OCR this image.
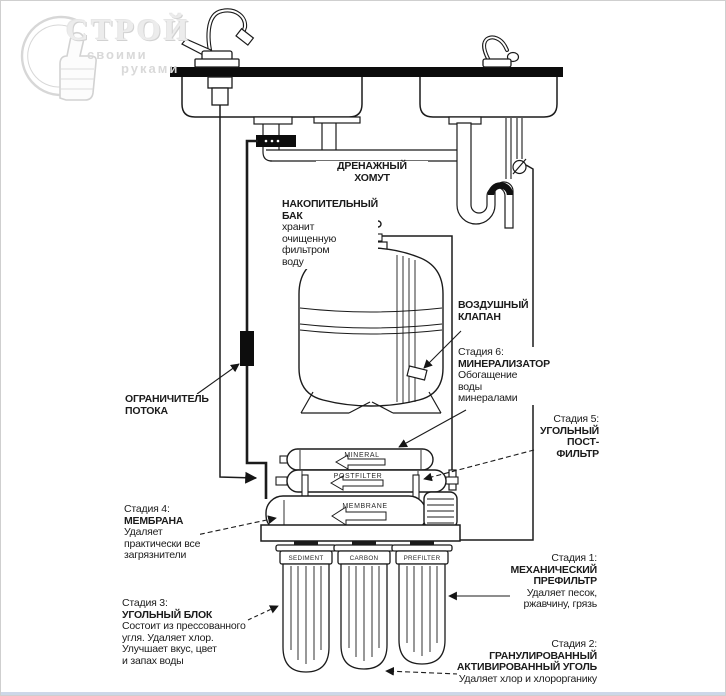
MINERAL
POSTFILTER
MEMBRANE
SEDIMENT	CARBON	PREFILTER
СТРОЙ
своими
руками
ДРЕНАЖНЫЙ
ХОМУТ
НАКОПИТЕЛЬНЫЙ
БАК
хранит
очищенную
фильтром
воду
ВОЗДУШНЫЙ
КЛАПАН
Стадия 6:
МИНЕРАЛИЗАТОР
Обогащение
воды
минералами
Стадия 5:
УГОЛЬНЫЙ
ПОСТ-
ФИЛЬТР
ОГРАНИЧИТЕЛЬ
ПОТОКА
Стадия 4:
МЕМБРАНА
Удаляет
практически все
загрязнители
Стадия 3:
УГОЛЬНЫЙ БЛОК
Состоит из прессованного
угля. Удаляет хлор.
Улучшает вкус, цвет
и запах воды
Стадия 1:
МЕХАНИЧЕСКИЙ
ПРЕФИЛЬТР
Удаляет песок,
ржавчину, грязь
Стадия 2:
ГРАНУЛИРОВАННЫЙ
АКТИВИРОВАННЫЙ УГОЛЬ
Удаляет хлор и хлорорганику
